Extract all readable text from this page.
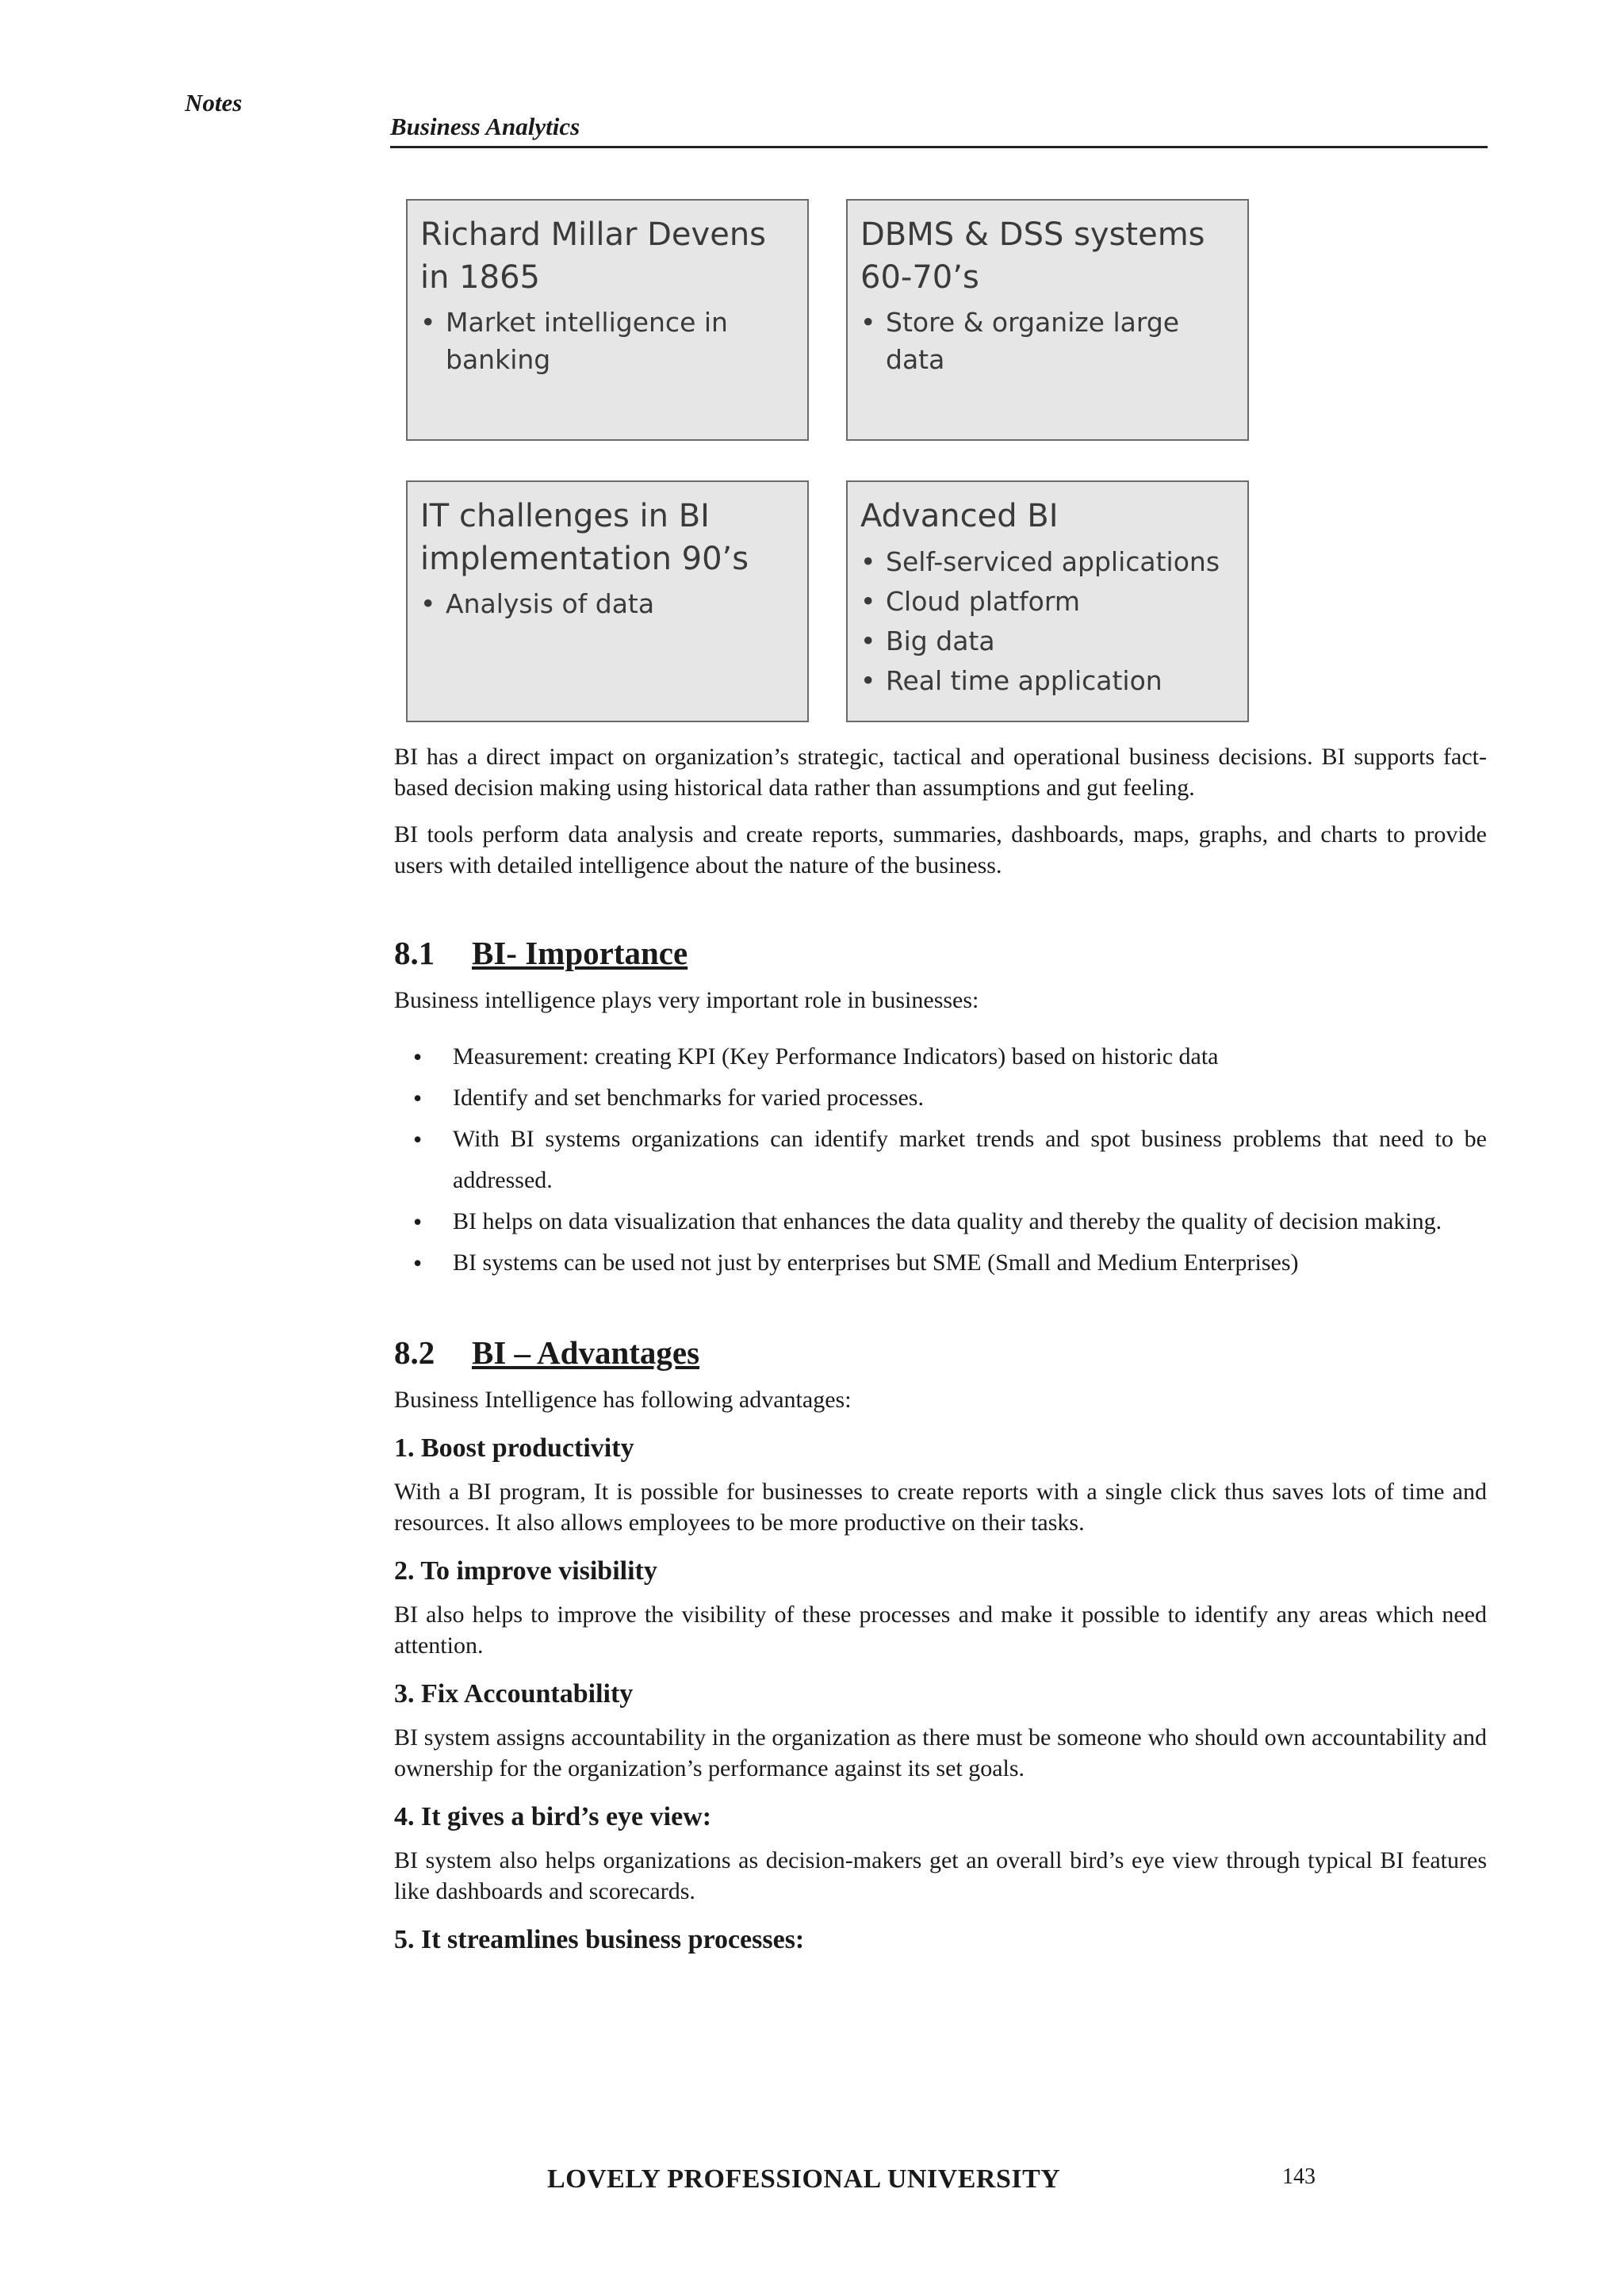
Notes
Business Analytics
Richard Millar Devens in 1865
• Market intelligence in banking
DBMS & DSS systems 60-70’s
• Store & organize large data
IT challenges in BI implementation 90’s
• Analysis of data
Advanced BI
• Self-serviced applications
• Cloud platform
• Big data
• Real time application

BI has a direct impact on organization’s strategic, tactical and operational business decisions. BI supports fact-based decision making using historical data rather than assumptions and gut feeling.

BI tools perform data analysis and create reports, summaries, dashboards, maps, graphs, and charts to provide users with detailed intelligence about the nature of the business.

8.1	BI- Importance

Business intelligence plays very important role in businesses:

• Measurement: creating KPI (Key Performance Indicators) based on historic data
• Identify and set benchmarks for varied processes.
• With BI systems organizations can identify market trends and spot business problems that need to be addressed.
• BI helps on data visualization that enhances the data quality and thereby the quality of decision making.
• BI systems can be used not just by enterprises but SME (Small and Medium Enterprises)
8.2	BI – Advantages

Business Intelligence has following advantages:

1. Boost productivity

With a BI program, It is possible for businesses to create reports with a single click thus saves lots of time and resources. It also allows employees to be more productive on their tasks.

2. To improve visibility

BI also helps to improve the visibility of these processes and make it possible to identify any areas which need attention.

3. Fix Accountability

BI system assigns accountability in the organization as there must be someone who should own accountability and ownership for the organization’s performance against its set goals.

4. It gives a bird’s eye view:

BI system also helps organizations as decision-makers get an overall bird’s eye view through typical BI features like dashboards and scorecards.

5. It streamlines business processes:
LOVELY PROFESSIONAL UNIVERSITY	143
